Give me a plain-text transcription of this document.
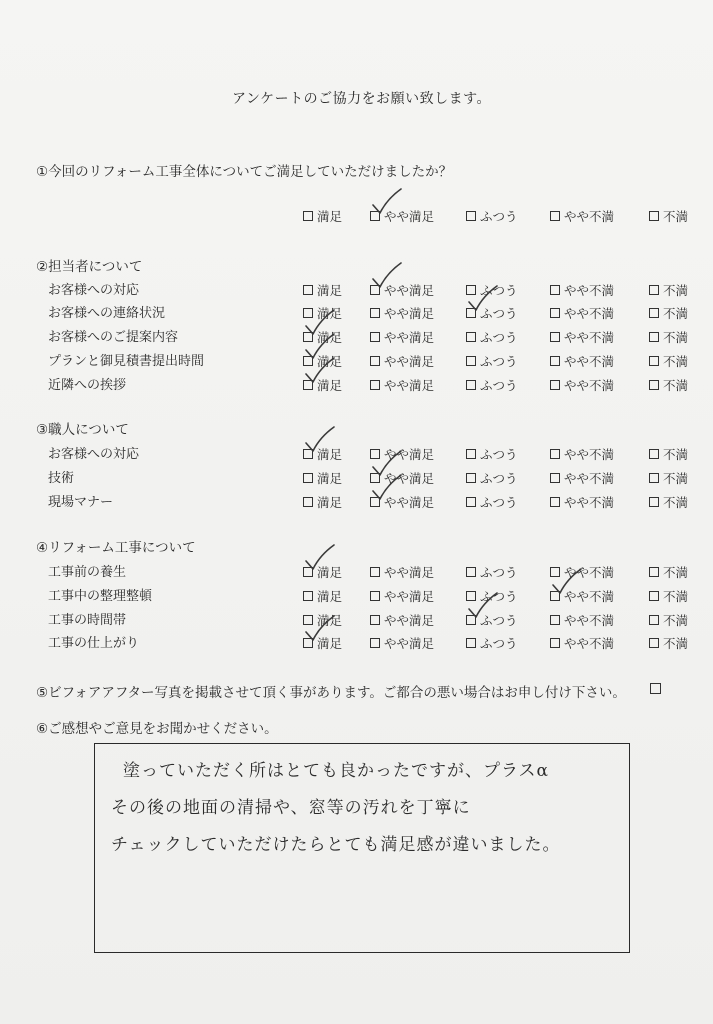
アンケートのご協力をお願い致します。
①今回のリフォーム工事全体についてご満足していただけましたか？
満足	やや満足	ふつう	やや不満	不満
②担当者について
お客様への対応	満足	やや満足	ふつう	やや不満	不満
お客様への連絡状況	満足	やや満足	ふつう	やや不満	不満
お客様へのご提案内容	満足	やや満足	ふつう	やや不満	不満
プランと御見積書提出時間	満足	やや満足	ふつう	やや不満	不満
近隣への挨拶	満足	やや満足	ふつう	やや不満	不満
③職人について
お客様への対応	満足	やや満足	ふつう	やや不満	不満
技術	満足	やや満足	ふつう	やや不満	不満
現場マナー	満足	やや満足	ふつう	やや不満	不満
④リフォーム工事について
工事前の養生	満足	やや満足	ふつう	やや不満	不満
工事中の整理整頓	満足	やや満足	ふつう	やや不満	不満
工事の時間帯	満足	やや満足	ふつう	やや不満	不満
工事の仕上がり	満足	やや満足	ふつう	やや不満	不満
⑤ビフォアアフター写真を掲載させて頂く事があります。ご都合の悪い場合はお申し付け下さい。
⑥ご感想やご意見をお聞かせください。
塗っていただく所はとても良かったですが、プラスα
その後の地面の清掃や、窓等の汚れを丁寧に
チェックしていただけたらとても満足感が違いました。
